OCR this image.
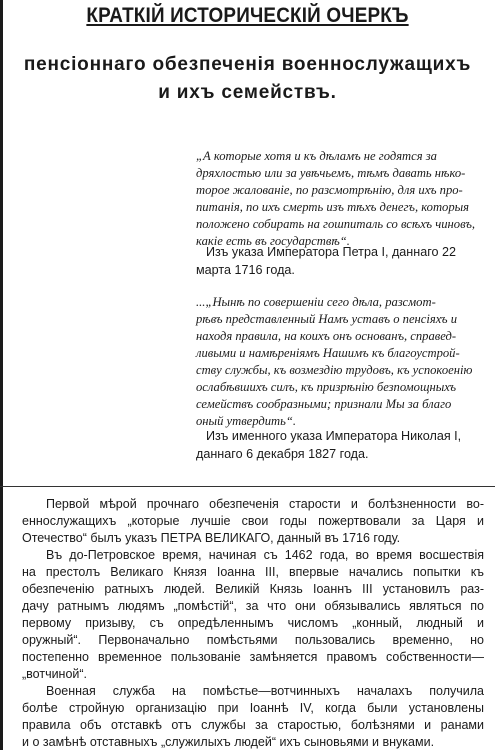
КРАТКІЙ ИСТОРИЧЕСКІЙ ОЧЕРКЪ
пенсіоннаго обезпеченія военнослужащихъ
и ихъ семействъ.
„А которые хотя и къ дѣламъ не годятся за
дряхлостью или за увѣчьемъ, тѣмъ давать нѣко-
торое жалованіе, по разсмотрѣнію, для ихъ про-
питанія, по ихъ смерть изъ тѣхъ денегъ, которыя
положено собирать на гошпиталь со всѣхъ чиновъ,
какіе есть въ государствѣ“.
Изъ указа Императора Петра I, даннаго 22
марта 1716 года.
...„Нынѣ по совершеніи сего дѣла, разсмот-
рѣвъ представленный Намъ уставъ о пенсіяхъ и
находя правила, на коихъ онъ основанъ, справед-
ливыми и намѣреніямъ Нашимъ къ благоустрой-
ству службы, къ возмездію трудовъ, къ успокоенію
ослабѣвшихъ силъ, къ призрѣнію безпомощныхъ
семействъ сообразными; признали Мы за благо
оный утвердить“.
Изъ именного указа Императора Николая I,
даннаго 6 декабря 1827 года.
Первой мѣрой прочнаго обезпеченія старости и болѣзненности во-
еннослужащихъ „которые лучшіе свои годы пожертвовали за Царя и
Отечество“ былъ указъ ПЕТРА ВЕЛИКАГО, данный въ 1716 году.
Въ до-Петровское время, начиная съ 1462 года, во время восшествія
на престолъ Великаго Князя Іоанна III, впервые начались попытки къ
обезпеченію ратныхъ людей. Великій Князь Іоаннъ III установилъ раз-
дачу ратнымъ людямъ „помѣстій“, за что они обязывались являться по
первому призыву, съ опредѣленнымъ числомъ „конный, людный и
оружный“. Первоначально помѣстьями пользовались временно, но
постепенно временное пользованіе замѣняется правомъ собственности—
„вотчиной“.
Военная служба на помѣстье—вотчинныхъ началахъ получила
болѣе стройную организацію при Іоаннѣ IV, когда были установлены
правила объ отставкѣ отъ службы за старостью, болѣзнями и ранами
и о замѣнѣ отставныхъ „служилыхъ людей“ ихъ сыновьями и внуками.
